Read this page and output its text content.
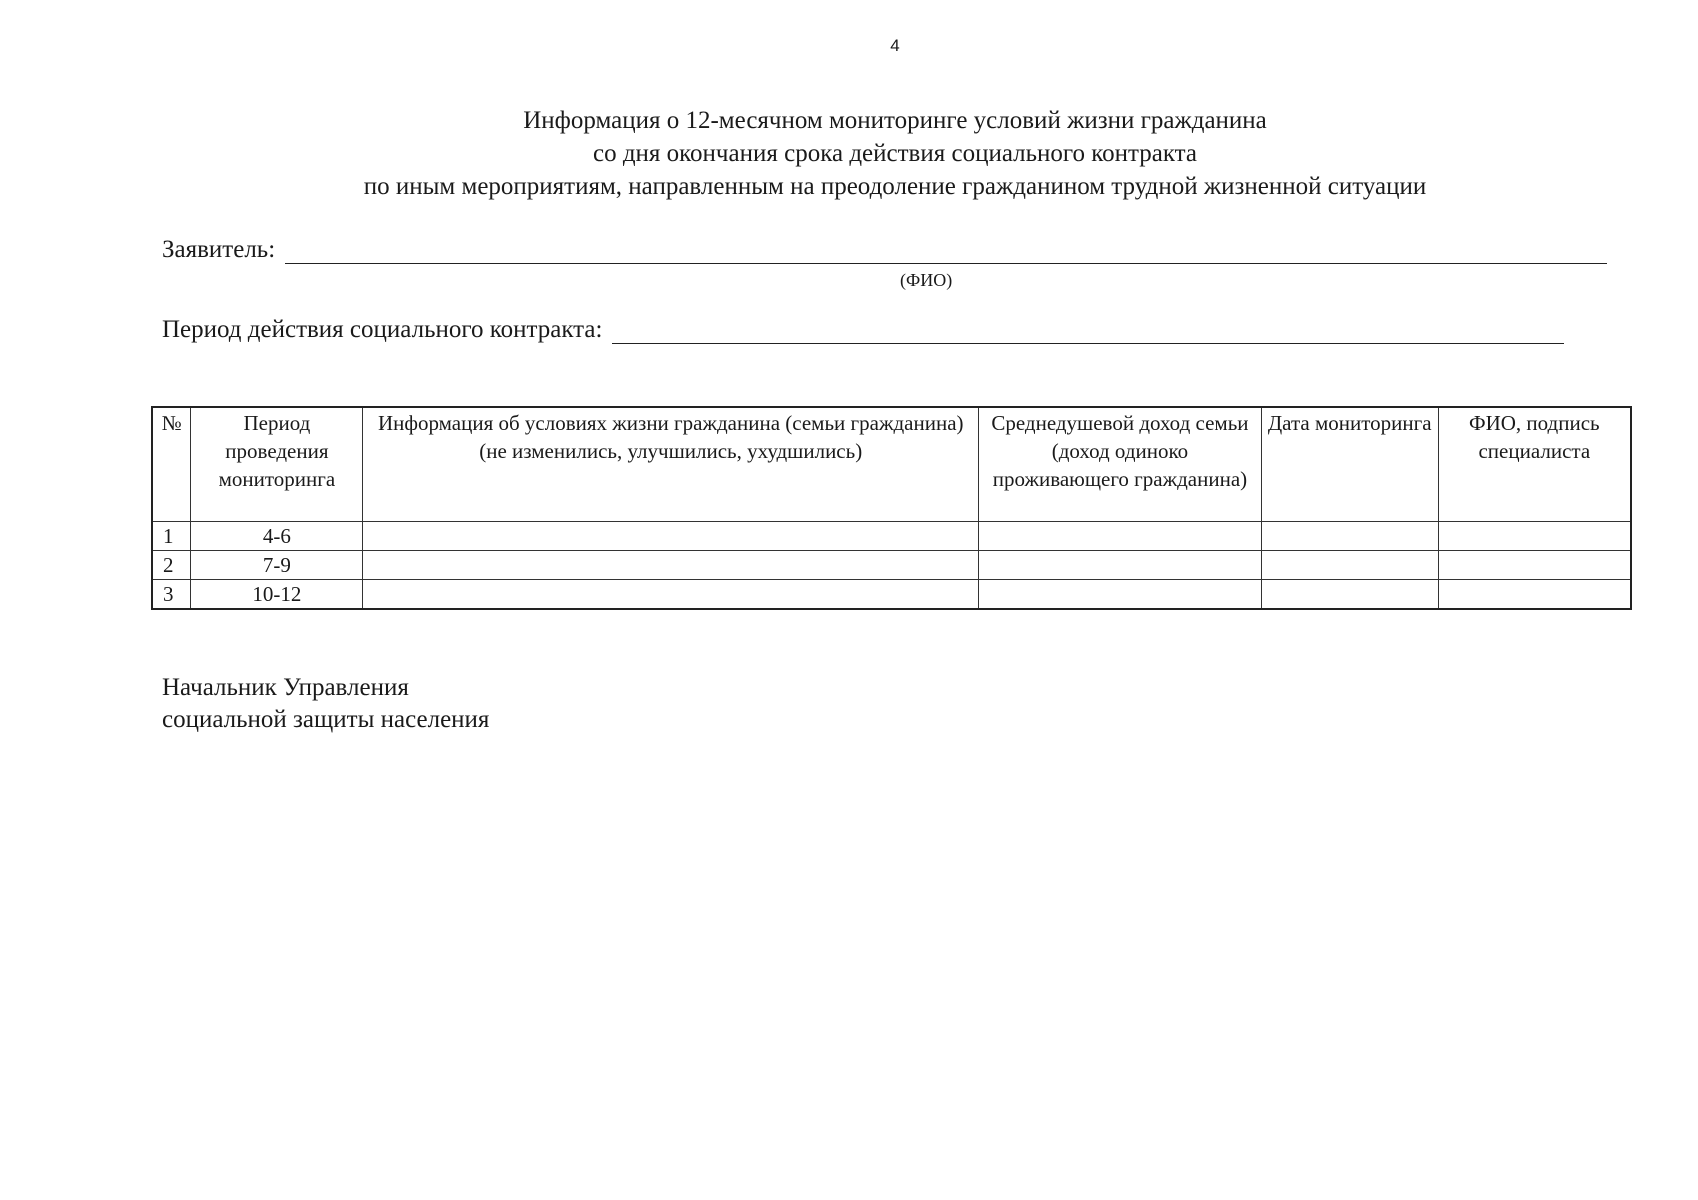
4
Информация о 12-месячном мониторинге условий жизни гражданина
со дня окончания срока действия социального контракта
по иным мероприятиям, направленным на преодоление гражданином трудной жизненной ситуации
Заявитель:
(ФИО)
Период действия социального контракта:
№	Период проведения мониторинга	Информация об условиях жизни гражданина (семьи гражданина) (не изменились, улучшились, ухудшились)	Среднедушевой доход семьи (доход одиноко проживающего гражданина)	Дата мониторинга	ФИО, подпись специалиста
1	4-6				
2	7-9				
3	10-12				
Начальник Управления
социальной защиты населения
